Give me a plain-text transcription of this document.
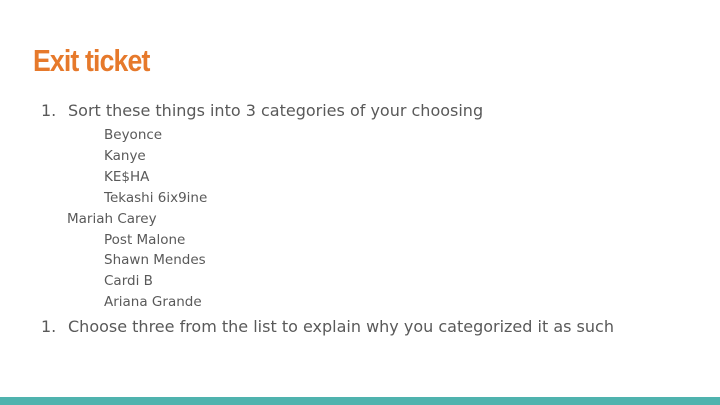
Exit ticket
1. Sort these things into 3 categories of your choosing
Beyonce
Kanye
KE$HA
Tekashi 6ix9ine
Mariah Carey
Post Malone
Shawn Mendes
Cardi B
Ariana Grande
1. Choose three from the list to explain why you categorized it as such
